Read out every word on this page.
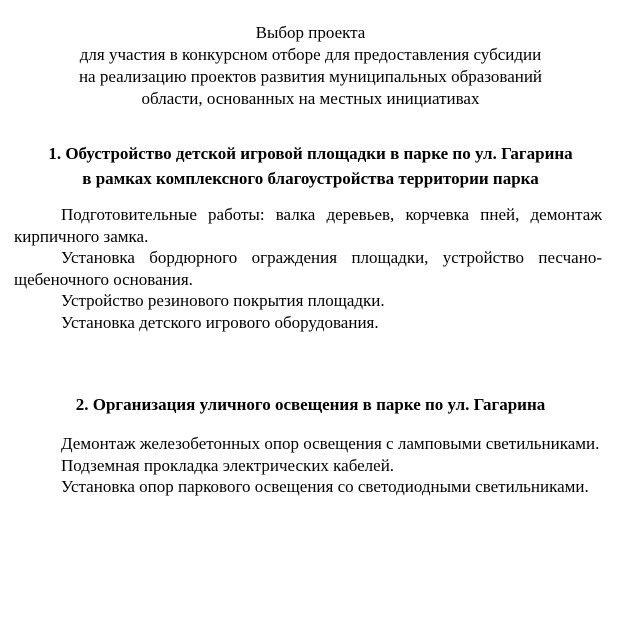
Выбор проекта
для участия в конкурсном отборе для предоставления субсидии
на реализацию проектов развития муниципальных образований
области, основанных на местных инициативах
1. Обустройство детской игровой площадки в парке по ул. Гагарина
в рамках комплексного благоустройства территории парка

Подготовительные работы: валка деревьев, корчевка пней, демонтаж кирпичного замка.

Установка бордюрного ограждения площадки, устройство песчано-щебеночного основания.

Устройство резинового покрытия площадки.

Установка детского игрового оборудования.

2. Организация уличного освещения в парке по ул. Гагарина

Демонтаж железобетонных опор освещения с ламповыми светильниками.

Подземная прокладка электрических кабелей.

Установка опор паркового освещения со светодиодными светильниками.
